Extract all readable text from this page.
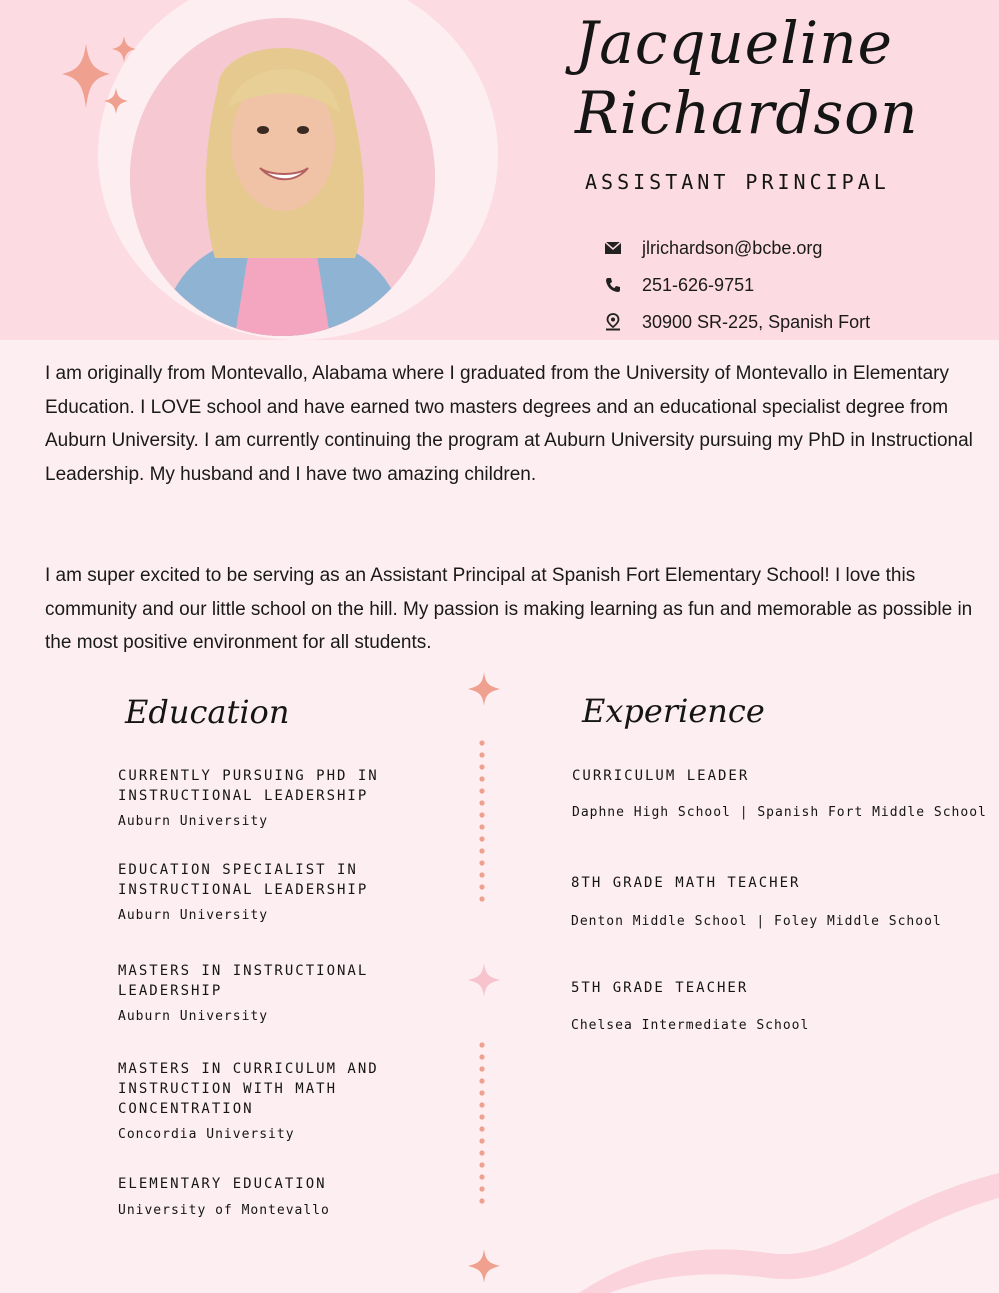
Jacqueline
Richardson
ASSISTANT PRINCIPAL
jlrichardson@bcbe.org
251-626-9751
30900 SR-225, Spanish Fort
I am originally from Montevallo, Alabama where I graduated from the University of Montevallo in Elementary Education. I LOVE school and have earned two masters degrees and an educational specialist degree from Auburn University. I am currently continuing the program at Auburn University pursuing my PhD in Instructional Leadership. My husband and I have two amazing children.
I am super excited to be serving as an Assistant Principal at Spanish Fort Elementary School! I love this community and our little school on the hill. My passion is making learning as fun and memorable as possible in the most positive environment for all students.
Education
CURRENTLY PURSUING PHD IN INSTRUCTIONAL LEADERSHIP
Auburn University
EDUCATION SPECIALIST IN INSTRUCTIONAL LEADERSHIP
Auburn University
MASTERS IN INSTRUCTIONAL LEADERSHIP
Auburn University
MASTERS IN CURRICULUM AND INSTRUCTION WITH MATH CONCENTRATION
Concordia University
ELEMENTARY EDUCATION
University of Montevallo
Experience
CURRICULUM LEADER
Daphne High School | Spanish Fort Middle School
8TH GRADE MATH TEACHER
Denton Middle School | Foley Middle School
5TH GRADE TEACHER
Chelsea Intermediate School
